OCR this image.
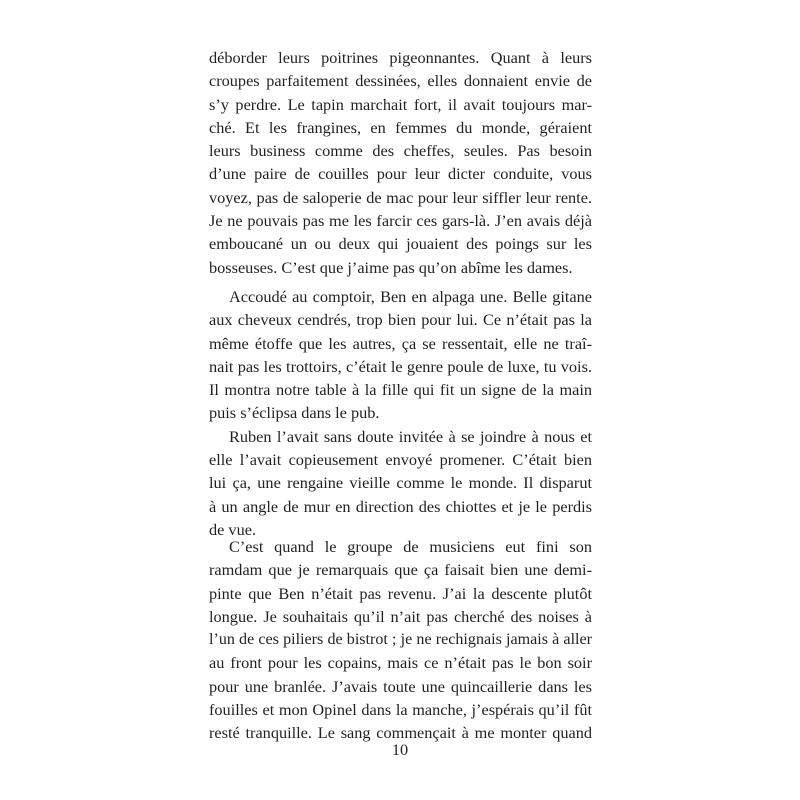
déborder leurs poitrines pigeonnantes. Quant à leurs
croupes parfaitement dessinées, elles donnaient envie de
s’y perdre. Le tapin marchait fort, il avait toujours mar-
ché. Et les frangines, en femmes du monde, géraient
leurs business comme des cheffes, seules. Pas besoin
d’une paire de couilles pour leur dicter conduite, vous
voyez, pas de saloperie de mac pour leur siffler leur rente.
Je ne pouvais pas me les farcir ces gars-là. J’en avais déjà
emboucané un ou deux qui jouaient des poings sur les
bosseuses. C’est que j’aime pas qu’on abîme les dames.
Accoudé au comptoir, Ben en alpaga une. Belle gitane
aux cheveux cendrés, trop bien pour lui. Ce n’était pas la
même étoffe que les autres, ça se ressentait, elle ne traî-
nait pas les trottoirs, c’était le genre poule de luxe, tu vois.
Il montra notre table à la fille qui fit un signe de la main
puis s’éclipsa dans le pub.
Ruben l’avait sans doute invitée à se joindre à nous et
elle l’avait copieusement envoyé promener. C’était bien
lui ça, une rengaine vieille comme le monde. Il disparut
à un angle de mur en direction des chiottes et je le perdis
de vue.
C’est quand le groupe de musiciens eut fini son
ramdam que je remarquais que ça faisait bien une demi-
pinte que Ben n’était pas revenu. J’ai la descente plutôt
longue. Je souhaitais qu’il n’ait pas cherché des noises à
l’un de ces piliers de bistrot ; je ne rechignais jamais à aller
au front pour les copains, mais ce n’était pas le bon soir
pour une branlée. J’avais toute une quincaillerie dans les
fouilles et mon Opinel dans la manche, j’espérais qu’il fût
resté tranquille. Le sang commençait à me monter quand
10
